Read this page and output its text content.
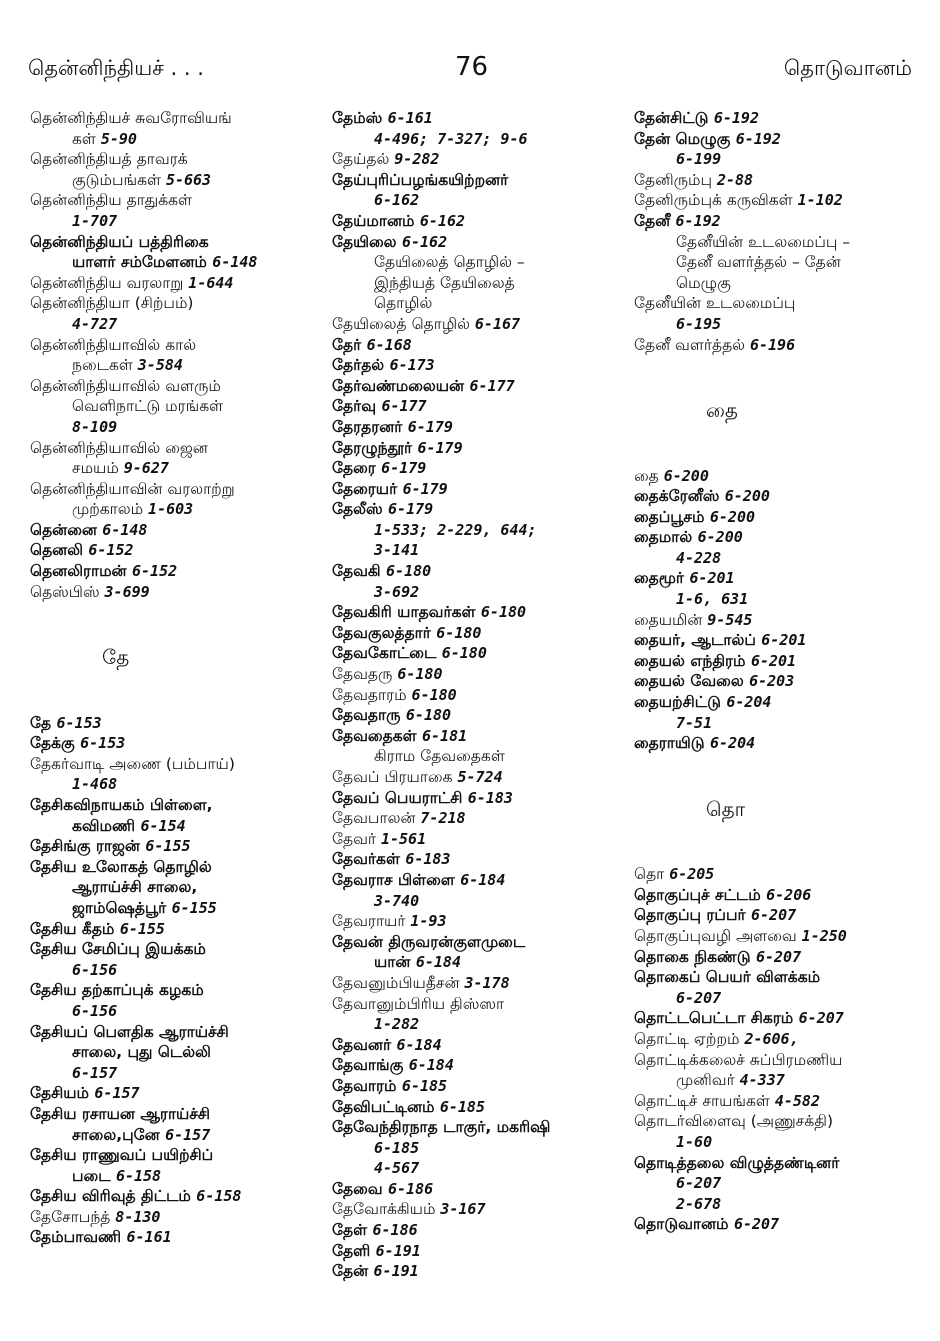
தென்னிந்தியச் . . .	76	தொடுவானம்
தென்னிந்தியச் சுவரோவியங்
கள் 5-90
தென்னிந்தியத் தாவரக்
குடும்பங்கள் 5-663
தென்னிந்திய தாதுக்கள்
1-707
தென்னிந்தியப் பத்திரிகை
யாளர் சம்மேளனம் 6-148
தென்னிந்திய வரலாறு 1-644
தென்னிந்தியா (சிற்பம்)
4-727
தென்னிந்தியாவில் கால்
நடைகள் 3-584
தென்னிந்தியாவில் வளரும்
வெளிநாட்டு மரங்கள்
8-109
தென்னிந்தியாவில் ஜைன
சமயம் 9-627
தென்னிந்தியாவின் வரலாற்று
முற்காலம் 1-603
தென்னை 6-148
தெனலி 6-152
தெனலிராமன் 6-152
தெஸ்பிஸ் 3-699
தே
தே 6-153
தேக்கு 6-153
தேகர்வாடி அணை (பம்பாய்)
1-468
தேசிகவிநாயகம் பிள்ளை,
கவிமணி 6-154
தேசிங்கு ராஜன் 6-155
தேசிய உலோகத் தொழில்
ஆராய்ச்சி சாலை,
ஜாம்ஷெத்பூர் 6-155
தேசிய கீதம் 6-155
தேசிய சேமிப்பு இயக்கம்
6-156
தேசிய தற்காப்புக் கழகம்
6-156
தேசியப் பௌதிக ஆராய்ச்சி
சாலை, புது டெல்லி
6-157
தேசியம் 6-157
தேசிய ரசாயன ஆராய்ச்சி
சாலை,புனே 6-157
தேசிய ராணுவப் பயிற்சிப்
படை 6-158
தேசிய விரிவுத் திட்டம் 6-158
தேசோபந்த் 8-130
தேம்பாவணி 6-161
தேம்ஸ் 6-161
4-496; 7-327; 9-6
தேய்தல் 9-282
தேய்புரிப்பழங்கயிற்றனர்
6-162
தேய்மானம் 6-162
தேயிலை 6-162
தேயிலைத் தொழில் –
இந்தியத் தேயிலைத்
தொழில்
தேயிலைத் தொழில் 6-167
தேர் 6-168
தேர்தல் 6-173
தேர்வண்மலையன் 6-177
தேர்வு 6-177
தேரதரனர் 6-179
தேரழுந்தூர் 6-179
தேரை 6-179
தேரையர் 6-179
தேலீஸ் 6-179
1-533; 2-229, 644;
3-141
தேவகி 6-180
3-692
தேவகிரி யாதவர்கள் 6-180
தேவகுலத்தார் 6-180
தேவகோட்டை 6-180
தேவதரு 6-180
தேவதாரம் 6-180
தேவதாரு 6-180
தேவதைகள் 6-181
கிராம தேவதைகள்
தேவப் பிரயாகை 5-724
தேவப் பெயராட்சி 6-183
தேவபாலன் 7-218
தேவர் 1-561
தேவர்கள் 6-183
தேவராச பிள்ளை 6-184
3-740
தேவராயர் 1-93
தேவன் திருவரன்குளமுடை
யான் 6-184
தேவனும்பியதீசன் 3-178
தேவானும்பிரிய திஸ்ஸா
1-282
தேவனர் 6-184
தேவாங்கு 6-184
தேவாரம் 6-185
தேவிபட்டினம் 6-185
தேவேந்திரநாத டாகுர், மகரிஷி
6-185
4-567
தேவை 6-186
தேவோக்கியம் 3-167
தேள் 6-186
தேளி 6-191
தேன் 6-191
தேன்சிட்டு 6-192
தேன் மெழுகு 6-192
6-199
தேனிரும்பு 2-88
தேனிரும்புக் கருவிகள் 1-102
தேனீ 6-192
தேனீயின் உடலமைப்பு –
தேனீ வளர்த்தல் – தேன்
மெழுகு
தேனீயின் உடலமைப்பு
6-195
தேனீ வளர்த்தல் 6-196
தை
தை 6-200
தைக்ரேனீஸ் 6-200
தைப்பூசம் 6-200
தைமால் 6-200
4-228
தைமூர் 6-201
1-6, 631
தையமின் 9-545
தையர், ஆடால்ப் 6-201
தையல் எந்திரம் 6-201
தையல் வேலை 6-203
தையற்சிட்டு 6-204
7-51
தைராயிடு 6-204
தொ
தொ 6-205
தொகுப்புச் சட்டம் 6-206
தொகுப்பு ரப்பர் 6-207
தொகுப்புவழி அளவை 1-250
தொகை நிகண்டு 6-207
தொகைப் பெயர் விளக்கம்
6-207
தொட்டபெட்டா சிகரம் 6-207
தொட்டி ஏற்றம் 2-606,
தொட்டிக்கலைச் சுப்பிரமணிய
முனிவர் 4-337
தொட்டிச் சாயங்கள் 4-582
தொடர்விளைவு (அணுசக்தி)
1-60
தொடித்தலை விழுத்தண்டினர்
6-207
2-678
தொடுவானம் 6-207
